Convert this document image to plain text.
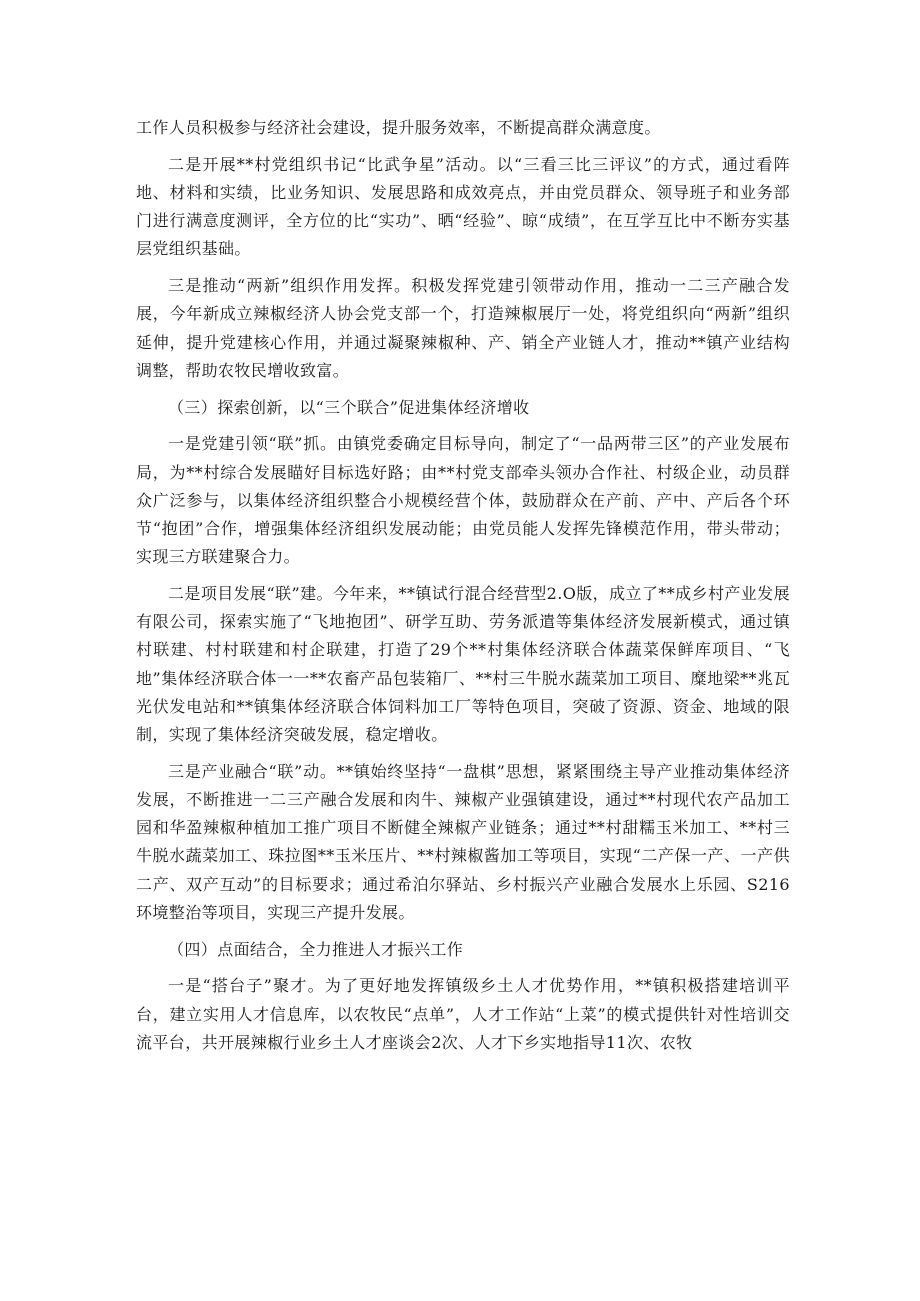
工作人员积极参与经济社会建设，提升服务效率，不断提高群众满意度。

二是开展**村党组织书记“比武争星”活动。以“三看三比三评议”的方式，通过看阵地、材料和实绩，比业务知识、发展思路和成效亮点，并由党员群众、领导班子和业务部门进行满意度测评，全方位的比“实功”、晒“经验”、晾“成绩”，在互学互比中不断夯实基层党组织基础。

三是推动“两新”组织作用发挥。积极发挥党建引领带动作用，推动一二三产融合发展，今年新成立辣椒经济人协会党支部一个，打造辣椒展厅一处，将党组织向“两新”组织延伸，提升党建核心作用，并通过凝聚辣椒种、产、销全产业链人才，推动**镇产业结构调整，帮助农牧民增收致富。

（三）探索创新，以“三个联合”促进集体经济增收

一是党建引领“联”抓。由镇党委确定目标导向，制定了“一品两带三区”的产业发展布局，为**村综合发展瞄好目标选好路；由**村党支部牵头领办合作社、村级企业，动员群众广泛参与，以集体经济组织整合小规模经营个体，鼓励群众在产前、产中、产后各个环节“抱团”合作，增强集体经济组织发展动能；由党员能人发挥先锋模范作用，带头带动；实现三方联建聚合力。

二是项目发展“联”建。今年来，**镇试行混合经营型2.O版，成立了**成乡村产业发展有限公司，探索实施了“飞地抱团”、研学互助、劳务派遣等集体经济发展新模式，通过镇村联建、村村联建和村企联建，打造了29个**村集体经济联合体蔬菜保鲜库项目、“飞地”集体经济联合体一一**农畜产品包装箱厂、**村三牛脱水蔬菜加工项目、糜地梁**兆瓦光伏发电站和**镇集体经济联合体饲料加工厂等特色项目，突破了资源、资金、地域的限制，实现了集体经济突破发展，稳定增收。

三是产业融合“联”动。**镇始终坚持“一盘棋”思想，紧紧围绕主导产业推动集体经济发展，不断推进一二三产融合发展和肉牛、辣椒产业强镇建设，通过**村现代农产品加工园和华盈辣椒种植加工推广项目不断健全辣椒产业链条；通过**村甜糯玉米加工、**村三牛脱水蔬菜加工、珠拉图**玉米压片、**村辣椒酱加工等项目，实现“二产保一产、一产供二产、双产互动”的目标要求；通过希泊尔驿站、乡村振兴产业融合发展水上乐园、S216环境整治等项目，实现三产提升发展。

（四）点面结合，全力推进人才振兴工作

一是“搭台子”聚才。为了更好地发挥镇级乡土人才优势作用，**镇积极搭建培训平台，建立实用人才信息库，以农牧民“点单”，人才工作站“上菜”的模式提供针对性培训交流平台，共开展辣椒行业乡土人才座谈会2次、人才下乡实地指导11次、农牧
